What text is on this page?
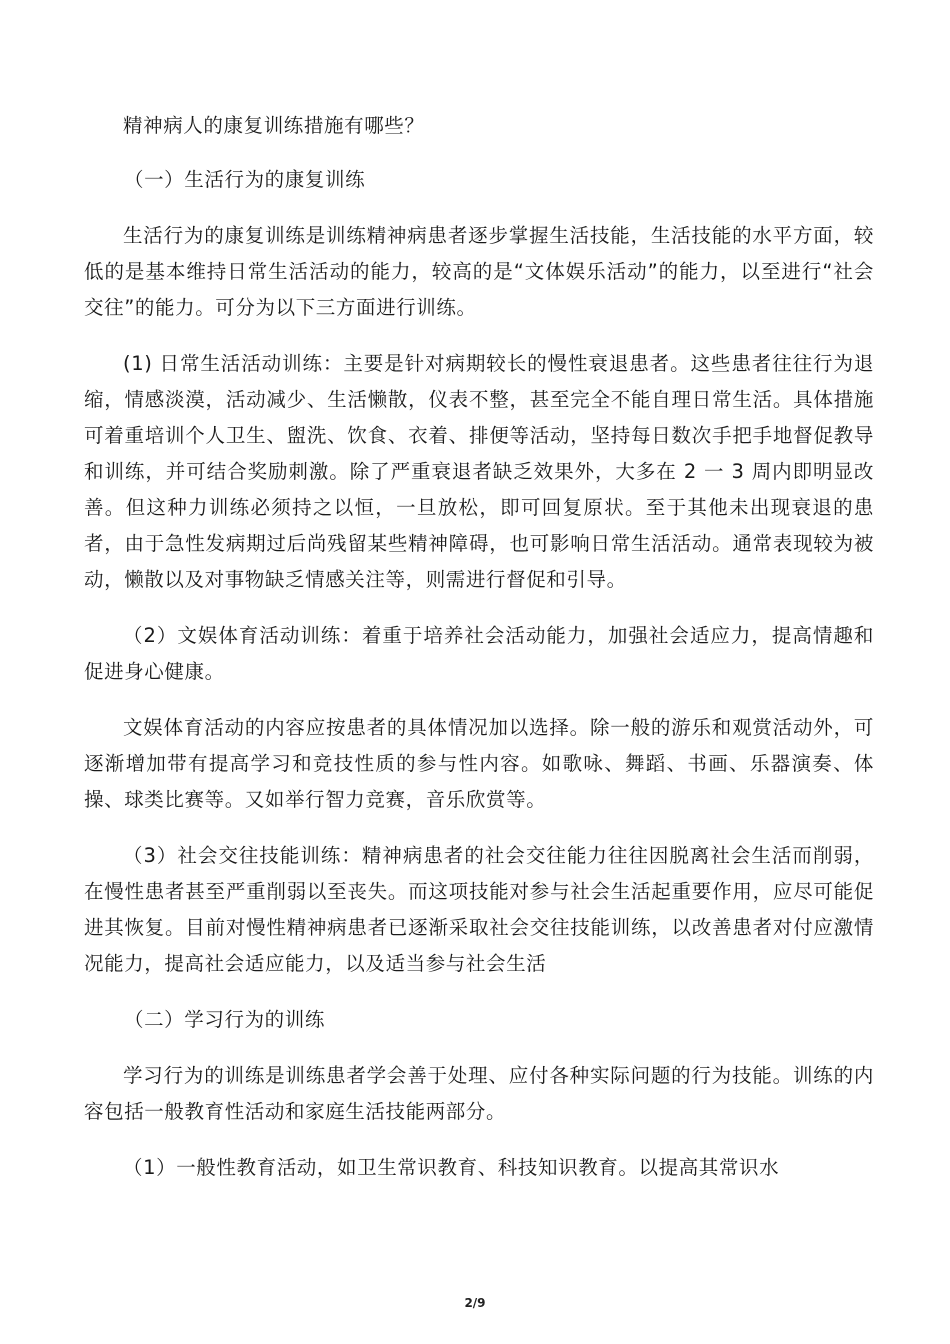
精神病人的康复训练措施有哪些？

（一）生活行为的康复训练

生活行为的康复训练是训练精神病患者逐步掌握生活技能，生活技能的水平方面，较低的是基本维持日常生活活动的能力，较高的是“文体娱乐活动”的能力，以至进行“社会交往”的能力。可分为以下三方面进行训练。

(1) 日常生活活动训练：主要是针对病期较长的慢性衰退患者。这些患者往往行为退缩，情感淡漠，活动减少、生活懒散，仪表不整，甚至完全不能自理日常生活。具体措施可着重培训个人卫生、盥洗、饮食、衣着、排便等活动，坚持每日数次手把手地督促教导和训练，并可结合奖励刺激。除了严重衰退者缺乏效果外，大多在 2 一 3 周内即明显改善。但这种力训练必须持之以恒，一旦放松，即可回复原状。至于其他未出现衰退的患者，由于急性发病期过后尚残留某些精神障碍，也可影响日常生活活动。通常表现较为被动，懒散以及对事物缺乏情感关注等，则需进行督促和引导。

（2）文娱体育活动训练：着重于培养社会活动能力，加强社会适应力，提高情趣和促进身心健康。

文娱体育活动的内容应按患者的具体情况加以选择。除一般的游乐和观赏活动外，可逐渐增加带有提高学习和竞技性质的参与性内容。如歌咏、舞蹈、书画、乐器演奏、体操、球类比赛等。又如举行智力竞赛，音乐欣赏等。

（3）社会交往技能训练：精神病患者的社会交往能力往往因脱离社会生活而削弱，在慢性患者甚至严重削弱以至丧失。而这项技能对参与社会生活起重要作用，应尽可能促进其恢复。目前对慢性精神病患者已逐渐采取社会交往技能训练，以改善患者对付应激情况能力，提高社会适应能力，以及适当参与社会生活

（二）学习行为的训练

学习行为的训练是训练患者学会善于处理、应付各种实际问题的行为技能。训练的内容包括一般教育性活动和家庭生活技能两部分。

（1）一般性教育活动，如卫生常识教育、科技知识教育。以提高其常识水

2/9
